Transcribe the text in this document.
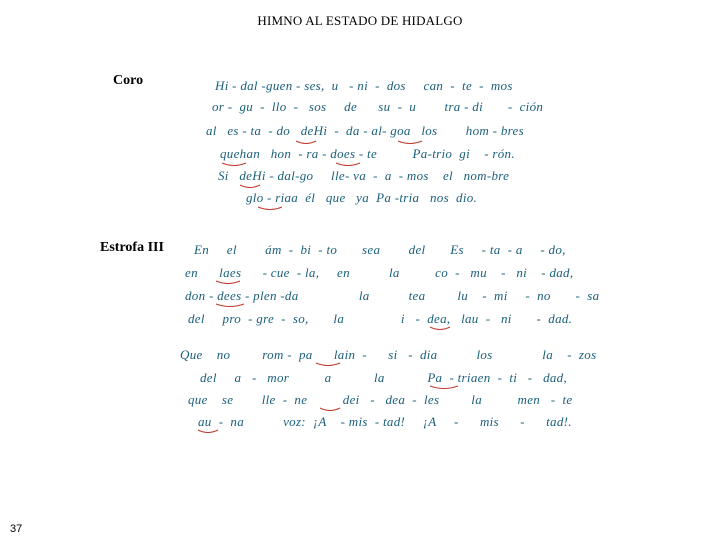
HIMNO AL ESTADO DE HIDALGO
Coro	Hi - dal -guen - ses,  u   - ni  -  dos     can  -  te  -  mos
or -  gu  -  llo  -   sos     de      su  -  u        tra - di       -  ción
al   es - ta  - do   deHi  -  da - al- goa   los        hom - bres
quehan   hon  - ra - does - te          Pa-trio  gi    - rón.
Si   deHi - dal-go     lle- va  -  a  - mos    el   nom-bre
glo - riaa  él   que   ya  Pa -tria   nos  dio.
Estrofa III En     el        ám  -  bi  - to       sea        del       Es     - ta  - a     - do,
en      laes      - cue  - la,     en           la          co  -   mu    -   ni    - dad,
don - dees - plen -da                 la           tea         lu    -  mi     -  no       -  sa
del     pro  - gre  -  so,       la                i   -  dea,   lau  -   ni       -  dad.
Que    no         rom -  pa      lain  -      si   -  dia           los              la    -  zos
del     a   -   mor          a            la            Pa  - triaen  -  ti   -   dad,
que    se        lle  -  ne          dei   -   dea  -  les         la          men   -  te
au  -  na           voz:  ¡A    - mis  - tad!     ¡A     -      mis      -      tad!.
37
